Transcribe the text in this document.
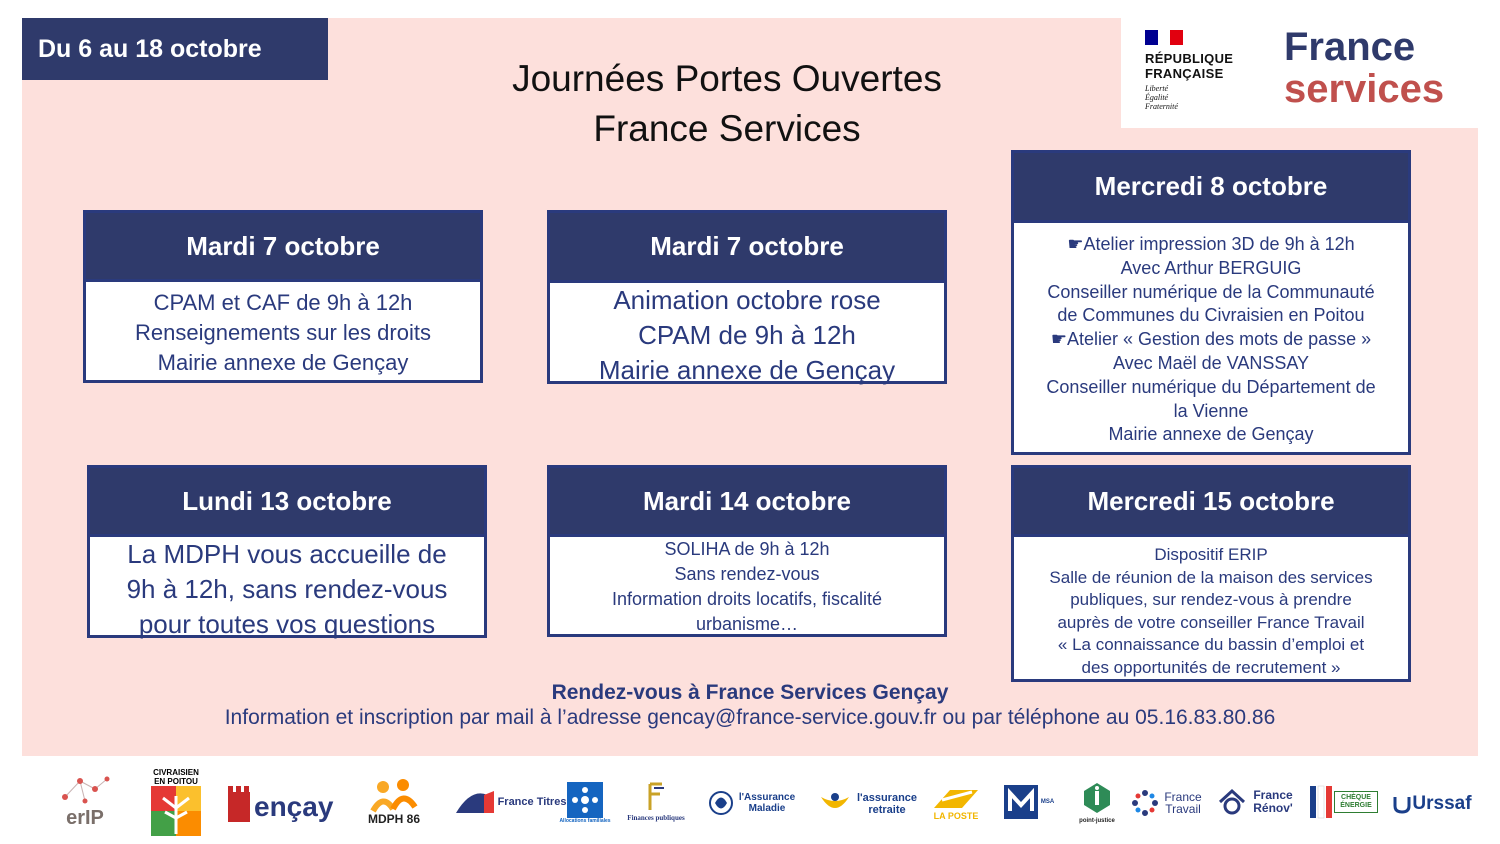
Du 6 au 18 octobre
Journées Portes Ouvertes
France Services
RÉPUBLIQUE
FRANÇAISE
Liberté
Égalité
Fraternité
France
services
Mardi 7 octobre
CPAM et CAF de 9h à 12h
Renseignements sur les droits
Mairie annexe de Gençay
Mardi 7 octobre
Animation octobre rose
CPAM de 9h à 12h
Mairie annexe de Gençay
Mercredi 8 octobre
☛Atelier impression 3D de 9h à 12h
Avec Arthur BERGUIG
Conseiller numérique de la Communauté
de Communes du Civraisien en Poitou
☛Atelier « Gestion des mots de passe »
Avec Maël de VANSSAY
Conseiller numérique du Département de
la Vienne
Mairie annexe de Gençay
Lundi 13 octobre
La MDPH vous accueille de
9h à 12h, sans rendez-vous
pour toutes vos questions
Mardi 14 octobre
SOLIHA de 9h à 12h
Sans rendez-vous
Information droits locatifs, fiscalité
urbanisme…
Mercredi 15 octobre
Dispositif ERIP
Salle de réunion de la maison des services
publiques, sur rendez-vous à prendre
auprès de votre conseiller France Travail
« La connaissance du bassin d’emploi et
des opportunités de recrutement »
Rendez-vous à France Services Gençay
Information et inscription par mail à l’adresse gencay@france-service.gouv.fr ou par téléphone au 05.16.83.80.86
erIP
CIVRAISIEN EN POITOU
ençay	MDPH 86
France Titres
Allocations familiales Finances publiques
l'Assurance Maladie
l'assurance retraite	LA POSTE
MSA
point-justice
France Travail
France Rénov'
CHÈQUE ÉNERGIE	Urssaf
